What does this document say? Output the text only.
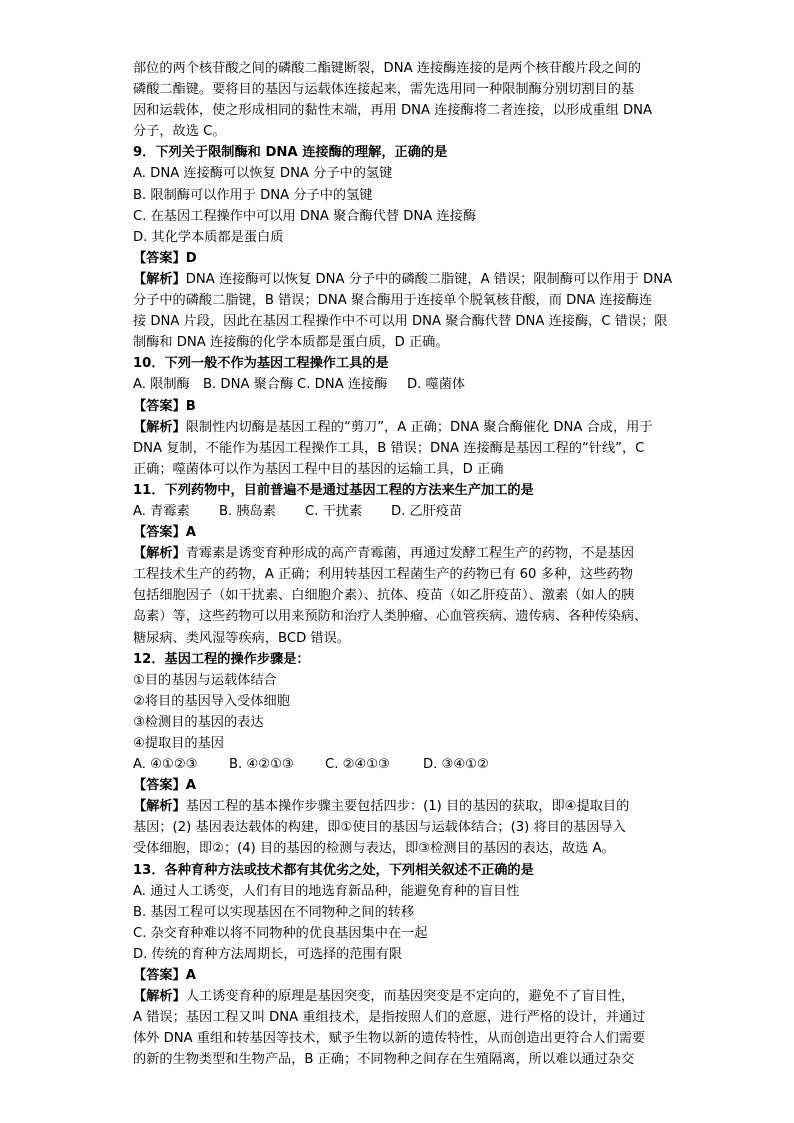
部位的两个核苷酸之间的磷酸二酯键断裂，DNA 连接酶连接的是两个核苷酸片段之间的
磷酸二酯键。要将目的基因与运载体连接起来，需先选用同一种限制酶分别切割目的基
因和运载体，使之形成相同的黏性末端，再用 DNA 连接酶将二者连接，以形成重组 DNA
分子，故选 C。
9．下列关于限制酶和 DNA 连接酶的理解，正确的是
A. DNA 连接酶可以恢复 DNA 分子中的氢键
B. 限制酶可以作用于 DNA 分子中的氢键
C. 在基因工程操作中可以用 DNA 聚合酶代替 DNA 连接酶
D. 其化学本质都是蛋白质
【答案】D
【解析】DNA 连接酶可以恢复 DNA 分子中的磷酸二脂键，A 错误；限制酶可以作用于 DNA
分子中的磷酸二脂键，B 错误；DNA 聚合酶用于连接单个脱氧核苷酸，而 DNA 连接酶连
接 DNA 片段，因此在基因工程操作中不可以用 DNA 聚合酶代替 DNA 连接酶，C 错误；限
制酶和 DNA 连接酶的化学本质都是蛋白质，D 正确。
10．下列一般不作为基因工程操作工具的是
A. 限制酶	B. DNA 聚合酶 C. DNA 连接酶	D. 噬菌体
【答案】B
【解析】限制性内切酶是基因工程的“剪刀”，A 正确；DNA 聚合酶催化 DNA 合成，用于
DNA 复制，不能作为基因工程操作工具，B 错误；DNA 连接酶是基因工程的“针线”，C
正确；噬菌体可以作为基因工程中目的基因的运输工具，D 正确
11．下列药物中，目前普遍不是通过基因工程的方法来生产加工的是
A. 青霉素	B. 胰岛素	C. 干扰素	D. 乙肝疫苗
【答案】A
【解析】青霉素是诱变育种形成的高产青霉菌，再通过发酵工程生产的药物，不是基因
工程技术生产的药物，A 正确；利用转基因工程菌生产的药物已有 60 多种，这些药物
包括细胞因子（如干扰素、白细胞介素）、抗体、疫苗（如乙肝疫苗）、激素（如人的胰
岛素）等，这些药物可以用来预防和治疗人类肿瘤、心血管疾病、遗传病、各种传染病、
糖尿病、类风湿等疾病，BCD 错误。
12．基因工程的操作步骤是：
①目的基因与运载体结合
②将目的基因导入受体细胞
③检测目的基因的表达
④提取目的基因
A. ④①②③	B. ④②①③	C. ②④①③	D. ③④①②
【答案】A
【解析】基因工程的基本操作步骤主要包括四步：(1) 目的基因的获取，即④提取目的
基因；(2) 基因表达载体的构建，即①使目的基因与运载体结合；(3) 将目的基因导入
受体细胞，即②；(4) 目的基因的检测与表达，即③检测目的基因的表达，故选 A。
13．各种育种方法或技术都有其优劣之处，下列相关叙述不正确的是
A. 通过人工诱变，人们有目的地选育新品种，能避免育种的盲目性
B. 基因工程可以实现基因在不同物种之间的转移
C. 杂交育种难以将不同物种的优良基因集中在一起
D. 传统的育种方法周期长，可选择的范围有限
【答案】A
【解析】人工诱变育种的原理是基因突变，而基因突变是不定向的，避免不了盲目性，
A 错误；基因工程又叫 DNA 重组技术，是指按照人们的意愿，进行严格的设计，并通过
体外 DNA 重组和转基因等技术，赋予生物以新的遗传特性，从而创造出更符合人们需要
的新的生物类型和生物产品，B 正确；不同物种之间存在生殖隔离，所以难以通过杂交
